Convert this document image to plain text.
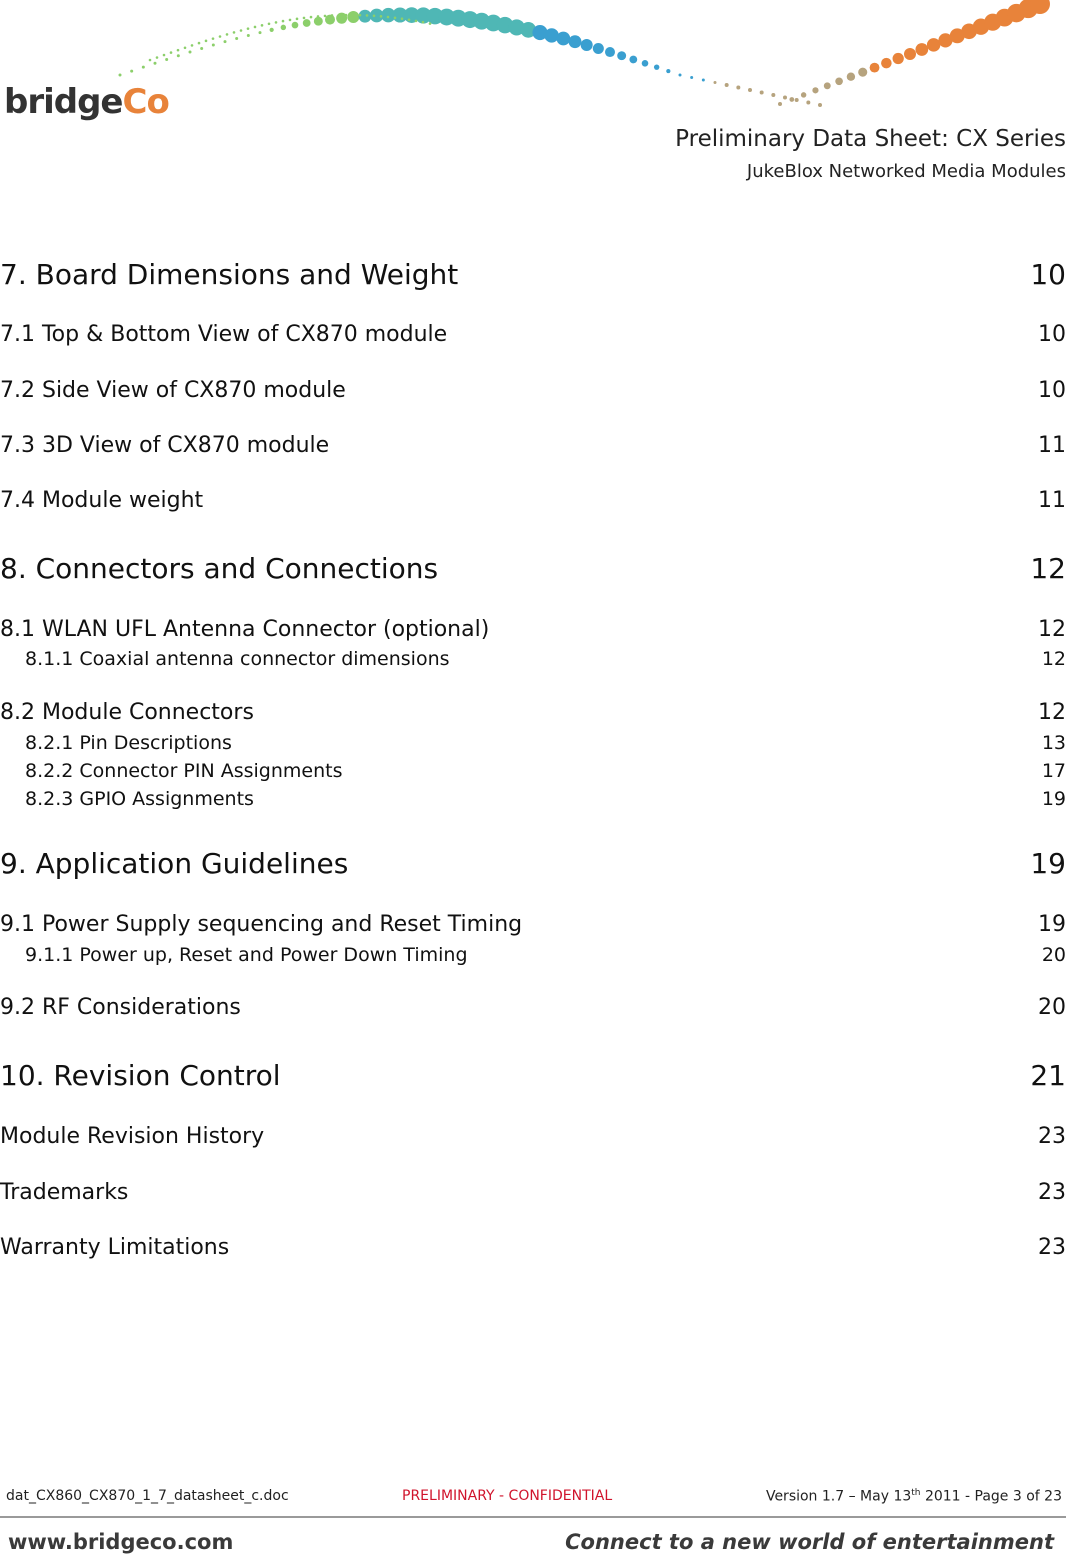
bridgeCo
Preliminary Data Sheet: CX Series
JukeBlox Networked Media Modules
7. Board Dimensions and Weight	10
7.1 Top & Bottom View of CX870 module	10
7.2 Side View of CX870 module	10
7.3 3D View of CX870 module	11
7.4 Module weight	11
8. Connectors and Connections	12
8.1 WLAN UFL Antenna Connector (optional)	12
8.1.1 Coaxial antenna connector dimensions	12
8.2 Module Connectors	12
8.2.1 Pin Descriptions	13
8.2.2 Connector PIN Assignments	17
8.2.3 GPIO Assignments	19
9. Application Guidelines	19
9.1 Power Supply sequencing and Reset Timing	19
9.1.1 Power up, Reset and Power Down Timing	20
9.2 RF Considerations	20
10. Revision Control	21
Module Revision History	23
Trademarks	23
Warranty Limitations	23
dat_CX860_CX870_1_7_datasheet_c.doc	PRELIMINARY - CONFIDENTIAL	Version 1.7 – May 13th 2011 - Page 3 of 23
www.bridgeco.com	Connect to a new world of entertainment
